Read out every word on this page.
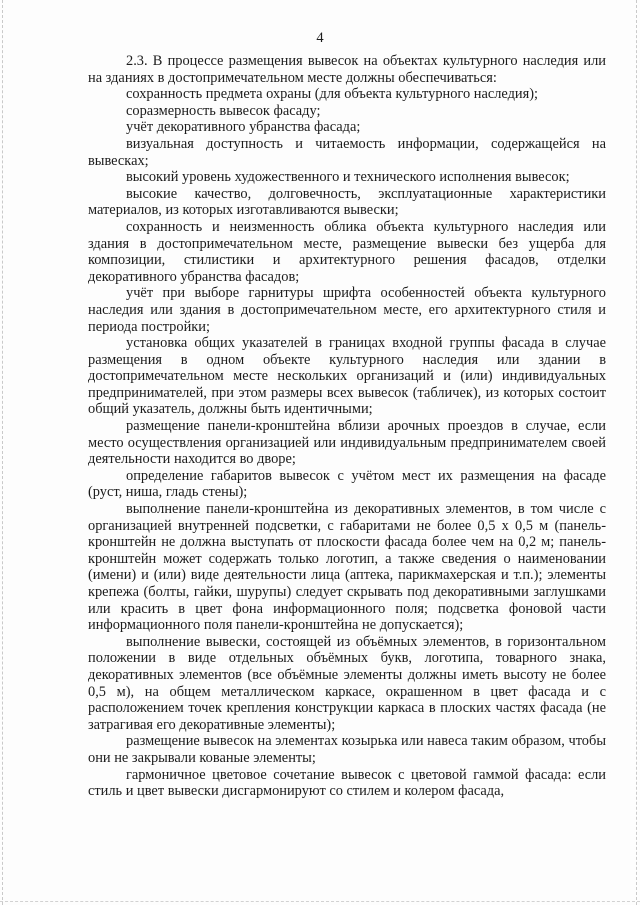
4

2.3. В процессе размещения вывесок на объектах культурного наследия или на зданиях в достопримечательном месте должны обеспечиваться:

сохранность предмета охраны (для объекта культурного наследия);

соразмерность вывесок фасаду;

учёт декоративного убранства фасада;

визуальная доступность и читаемость информации, содержащейся на вывесках;

высокий уровень художественного и технического исполнения вывесок;

высокие качество, долговечность, эксплуатационные характеристики материалов, из которых изготавливаются вывески;

сохранность и неизменность облика объекта культурного наследия или здания в достопримечательном месте, размещение вывески без ущерба для композиции, стилистики и архитектурного решения фасадов, отделки декоративного убранства фасадов;

учёт при выборе гарнитуры шрифта особенностей объекта культурного наследия или здания в достопримечательном месте, его архитектурного стиля и периода постройки;

установка общих указателей в границах входной группы фасада в случае размещения в одном объекте культурного наследия или здании в достопримечательном месте нескольких организаций и (или) индивидуальных предпринимателей, при этом размеры всех вывесок (табличек), из которых состоит общий указатель, должны быть идентичными;

размещение панели-кронштейна вблизи арочных проездов в случае, если место осуществления организацией или индивидуальным предпринимателем своей деятельности находится во дворе;

определение габаритов вывесок с учётом мест их размещения на фасаде (руст, ниша, гладь стены);

выполнение панели-кронштейна из декоративных элементов, в том числе с организацией внутренней подсветки, с габаритами не более 0,5 х 0,5 м (панель-кронштейн не должна выступать от плоскости фасада более чем на 0,2 м; панель-кронштейн может содержать только логотип, а также сведения о наименовании (имени) и (или) виде деятельности лица (аптека, парикмахерская и т.п.); элементы крепежа (болты, гайки, шурупы) следует скрывать под декоративными заглушками или красить в цвет фона информационного поля; подсветка фоновой части информационного поля панели-кронштейна не допускается);

выполнение вывески, состоящей из объёмных элементов, в горизонтальном положении в виде отдельных объёмных букв, логотипа, товарного знака, декоративных элементов (все объёмные элементы должны иметь высоту не более 0,5 м), на общем металлическом каркасе, окрашенном в цвет фасада и с расположением точек крепления конструкции каркаса в плоских частях фасада (не затрагивая его декоративные элементы);

размещение вывесок на элементах козырька или навеса таким образом, чтобы они не закрывали кованые элементы;

гармоничное цветовое сочетание вывесок с цветовой гаммой фасада: если стиль и цвет вывески дисгармонируют со стилем и колером фасада,
